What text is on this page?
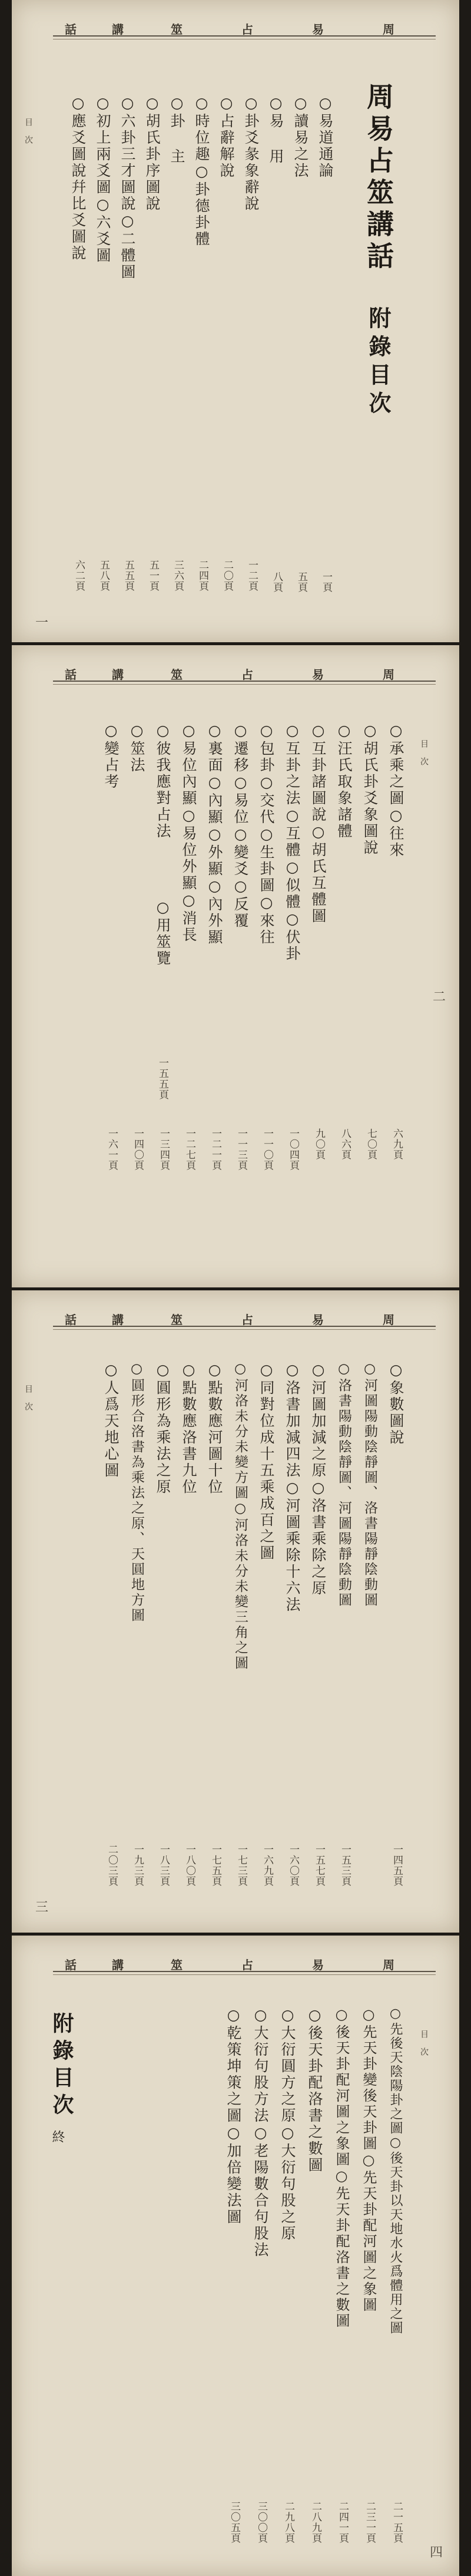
周
易
占
筮
講
話
周易占筮講話
附錄目次
目 次	○易道通論
一頁
○讀易之法
五頁
○易 用
八頁
○卦爻彖象辭說
一二頁
○占辭解說
二〇頁
○時位趣○卦德卦體
二四頁
○卦 主
三六頁
○胡氏卦序圖說
五一頁
○六卦三才圖說○二體圖
五五頁
○初上兩爻圖○六爻圖
五八頁
○應爻圖說幷比爻圖說
六二頁
一
周
易
占
筮
講
話
目 次
二
○承乘之圖○往來
六九頁
○胡氏卦爻象圖說
七〇頁
○汪氏取象諸體
八六頁
○互卦諸圖說○胡氏互體圖
九〇頁
○互卦之法○互體○似體○伏卦
一〇四頁
○包卦○交代○生卦圖○來往
一一〇頁
○遷移○易位○變爻○反覆
一一三頁
○裏面○內顯○外顯○內外顯
一二一頁
○易位內顯○易位外顯○消長
一二七頁
○彼我應對占法
一三四頁
○筮法
一四〇頁
○變占考
一六一頁
○用筮覽
一五五頁
周
易
占
筮
講
話
目 次
三
○象數圖說
一四五頁
○河圖陽動陰靜圖、洛書陽靜陰動圖
○洛書陽動陰靜圖、河圖陽靜陰動圖
一五三頁
○河圖加減之原○洛書乘除之原
一五七頁
○洛書加減四法○河圖乘除十六法
一六〇頁
○同對位成十五乘成百之圖
一六九頁
○河洛未分未變方圖○河洛未分未變三角之圖
一七三頁
○點數應河圖十位
一七五頁
○點數應洛書九位
一八〇頁
○圓形為乘法之原
一八三頁
○圓形合洛書為乘法之原、天圓地方圖
一九三頁
○人爲天地心圖
二〇三頁
周
易
占
筮
講
話
目 次
四
○先後天陰陽卦之圖○後天卦以天地水火爲體用之圖
二一五頁
○先天卦變後天卦圖○先天卦配河圖之象圖
二三一頁
○後天卦配河圖之象圖○先天卦配洛書之數圖
二四一頁
○後天卦配洛書之數圖
二八九頁
○大衍圓方之原○大衍句股之原
二九八頁
○大衍句股方法○老陽數合句股法
三〇〇頁
○乾策坤策之圖○加倍變法圖
三〇五頁
附錄目次
終
